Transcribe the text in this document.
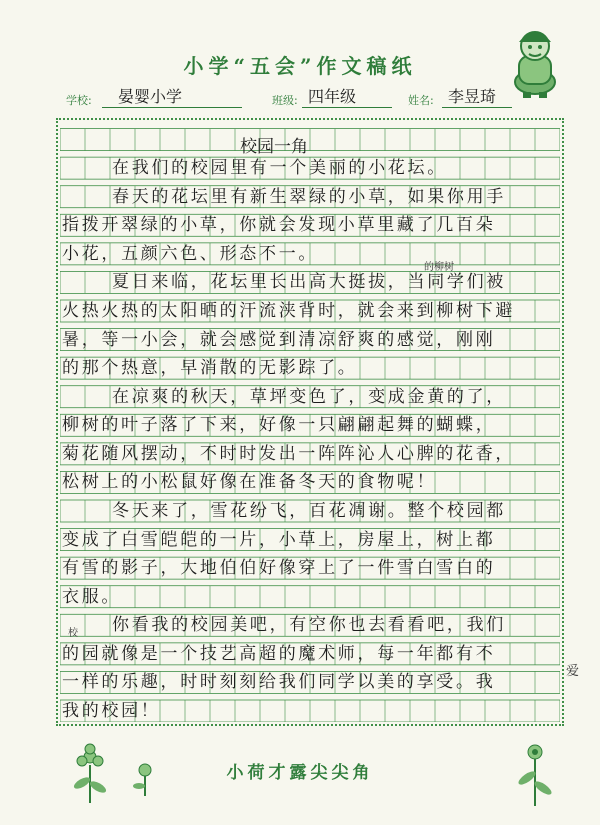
小学“五会”作文稿纸
学校: 晏婴小学	班级: 四年级	姓名: 李昱琦
校园一角
在我们的校园里有一个美丽的小花坛。
春天的花坛里有新生翠绿的小草，如果你用手
指拨开翠绿的小草，你就会发现小草里藏了几百朵
小花，五颜六色、形态不一。
夏日来临，花坛里长出高大挺拔，当同学们被
火热火热的太阳晒的汗流浃背时，就会来到柳树下避
暑，等一小会，就会感觉到清凉舒爽的感觉，刚刚
的那个热意，早消散的无影踪了。
在凉爽的秋天，草坪变色了，变成金黄的了，
柳树的叶子落了下来，好像一只翩翩起舞的蝴蝶，
菊花随风摆动，不时时发出一阵阵沁人心脾的花香，
松树上的小松鼠好像在准备冬天的食物呢！
冬天来了，雪花纷飞，百花凋谢。整个校园都
变成了白雪皑皑的一片，小草上，房屋上，树上都
有雪的影子，大地伯伯好像穿上了一件雪白雪白的
衣服。
你看我的校园美吧，有空你也去看看吧，我们
的园就像是一个技艺高超的魔术师，每一年都有不
一样的乐趣，时时刻刻给我们同学以美的享受。我
我的校园！
的柳树
校
爱
小荷才露尖尖角
